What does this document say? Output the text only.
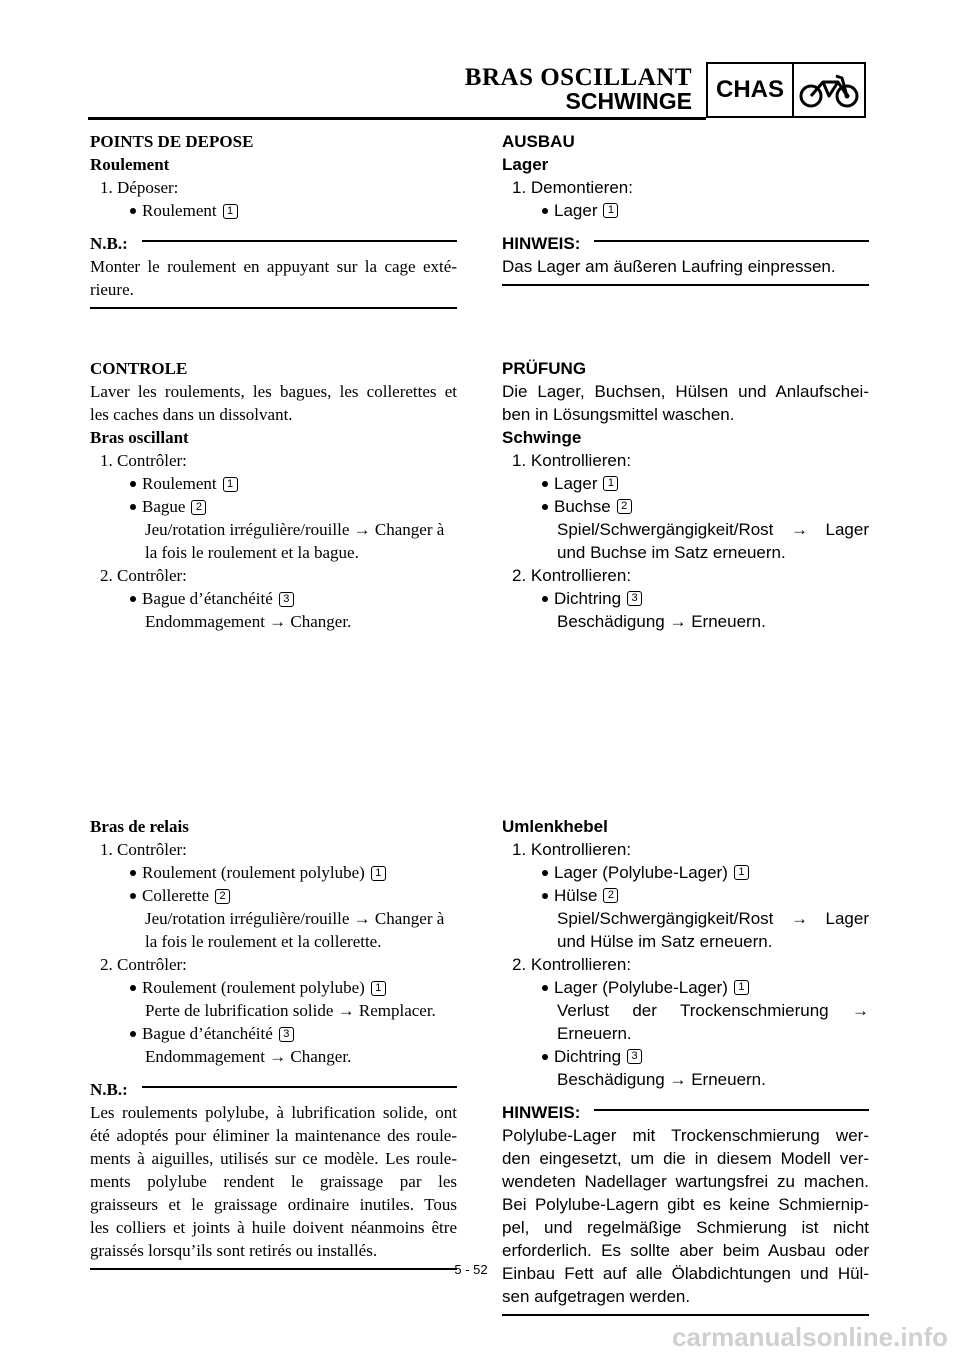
BRAS OSCILLANT
SCHWINGE CHAS
POINTS DE DEPOSE
Roulement
1. Déposer:
Roulement 1
N.B.:
Monter le roulement en appuyant sur la cage exté-
rieure.
CONTROLE
Laver les roulements, les bagues, les collerettes et
les caches dans un dissolvant.
Bras oscillant
1. Contrôler:
Roulement 1
Bague 2
Jeu/rotation irrégulière/rouille → Changer à
la fois le roulement et la bague.
2. Contrôler:
Bague d’étanchéité 3
Endommagement → Changer.
Bras de relais
1. Contrôler:
Roulement (roulement polylube) 1
Collerette 2
Jeu/rotation irrégulière/rouille → Changer à
la fois le roulement et la collerette.
2. Contrôler:
Roulement (roulement polylube) 1
Perte de lubrification solide → Remplacer.
Bague d’étanchéité 3
Endommagement → Changer.
N.B.:
Les roulements polylube, à lubrification solide, ont
été adoptés pour éliminer la maintenance des roule-
ments à aiguilles, utilisés sur ce modèle. Les roule-
ments polylube rendent le graissage par les
graisseurs et le graissage ordinaire inutiles. Tous
les colliers et joints à huile doivent néanmoins être
graissés lorsqu’ils sont retirés ou installés.
AUSBAU
Lager
1. Demontieren:
Lager 1
HINWEIS:
Das Lager am äußeren Laufring einpressen.
PRÜFUNG
Die Lager, Buchsen, Hülsen und Anlaufschei-
ben in Lösungsmittel waschen.
Schwinge
1. Kontrollieren:
Lager 1
Buchse 2
Spiel/Schwergängigkeit/Rost → Lager
und Buchse im Satz erneuern.
2. Kontrollieren:
Dichtring 3
Beschädigung → Erneuern.
Umlenkhebel
1. Kontrollieren:
Lager (Polylube-Lager) 1
Hülse 2
Spiel/Schwergängigkeit/Rost → Lager
und Hülse im Satz erneuern.
2. Kontrollieren:
Lager (Polylube-Lager) 1
Verlust der Trockenschmierung →
Erneuern.
Dichtring 3
Beschädigung → Erneuern.
HINWEIS:
Polylube-Lager mit Trockenschmierung wer-
den eingesetzt, um die in diesem Modell ver-
wendeten Nadellager wartungsfrei zu machen.
Bei Polylube-Lagern gibt es keine Schmiernip-
pel, und regelmäßige Schmierung ist nicht
erforderlich. Es sollte aber beim Ausbau oder
Einbau Fett auf alle Ölabdichtungen und Hül-
sen aufgetragen werden.
5 - 52
carmanualsonline.info
